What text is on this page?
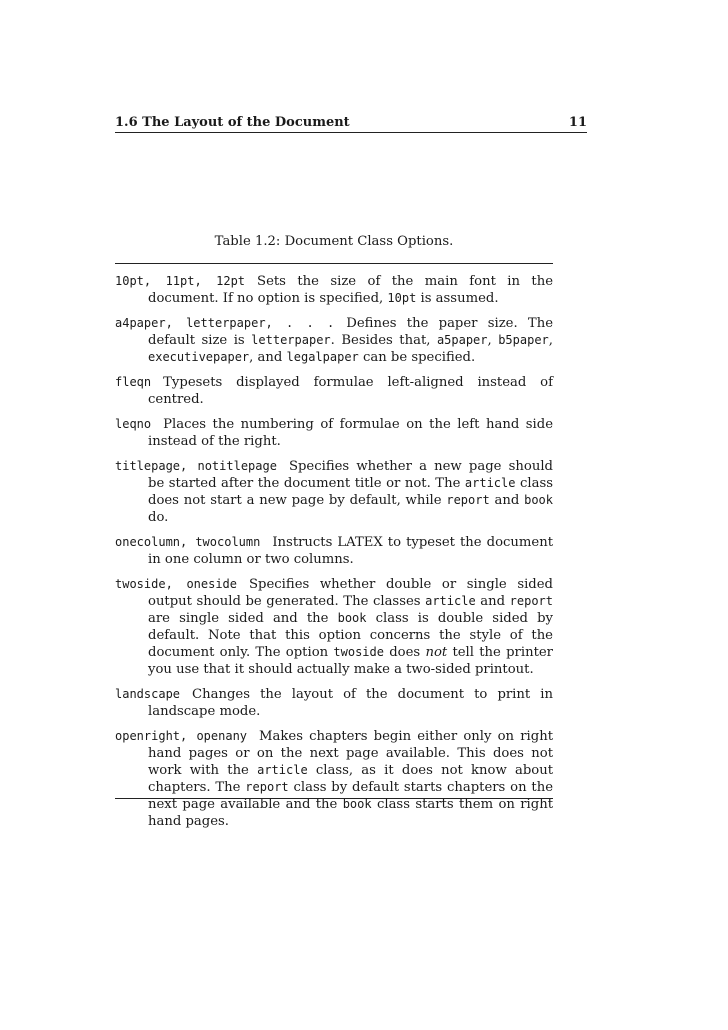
1.6 The Layout of the Document	11
Table 1.2: Document Class Options.
10pt, 11pt, 12pt Sets the size of the main font in the document. If no option is specified, 10pt is assumed.
a4paper, letterpaper, . . . Defines the paper size. The default size is letterpaper. Besides that, a5paper, b5paper, executivepaper, and legalpaper can be specified.
fleqn Typesets displayed formulae left-aligned instead of centred.
leqno Places the numbering of formulae on the left hand side instead of the right.
titlepage, notitlepage Specifies whether a new page should be started after the document title or not. The article class does not start a new page by default, while report and book do.
onecolumn, twocolumn Instructs LATEX to typeset the document in one column or two columns.
twoside, oneside Specifies whether double or single sided output should be generated. The classes article and report are single sided and the book class is double sided by default. Note that this option concerns the style of the document only. The option twoside does not tell the printer you use that it should actually make a two-sided printout.
landscape Changes the layout of the document to print in landscape mode.
openright, openany Makes chapters begin either only on right hand pages or on the next page available. This does not work with the article class, as it does not know about chapters. The report class by default starts chapters on the next page available and the book class starts them on right hand pages.
